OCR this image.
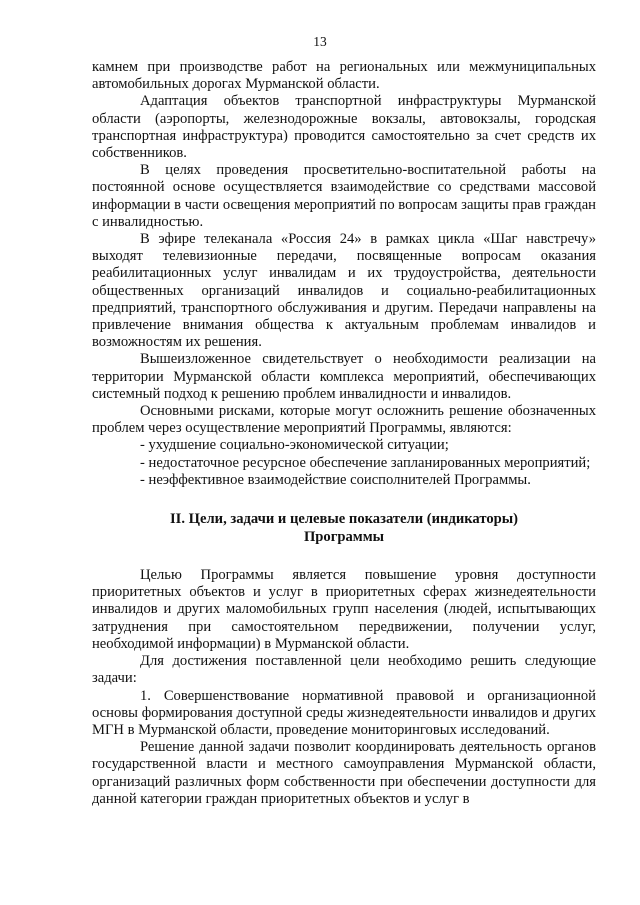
13

камнем при производстве работ на региональных или межмуниципальных автомобильных дорогах Мурманской области.

Адаптация объектов транспортной инфраструктуры Мурманской области (аэропорты, железнодорожные вокзалы, автовокзалы, городская транспортная инфраструктура) проводится самостоятельно за счет средств их собственников.

В целях проведения просветительно-воспитательной работы на постоянной основе осуществляется взаимодействие со средствами массовой информации в части освещения мероприятий по вопросам защиты прав граждан с инвалидностью.

В эфире телеканала «Россия 24» в рамках цикла «Шаг навстречу» выходят телевизионные передачи, посвященные вопросам оказания реабилитационных услуг инвалидам и их трудоустройства, деятельности общественных организаций инвалидов и социально-реабилитационных предприятий, транспортного обслуживания и другим. Передачи направлены на привлечение внимания общества к актуальным проблемам инвалидов и возможностям их решения.

Вышеизложенное свидетельствует о необходимости реализации на территории Мурманской области комплекса мероприятий, обеспечивающих системный подход к решению проблем инвалидности и инвалидов.

Основными рисками, которые могут осложнить решение обозначенных проблем через осуществление мероприятий Программы, являются:

- ухудшение социально-экономической ситуации;

- недостаточное ресурсное обеспечение запланированных мероприятий;

- неэффективное взаимодействие соисполнителей Программы.

II. Цели, задачи и целевые показатели (индикаторы)
Программы

Целью Программы является повышение уровня доступности приоритетных объектов и услуг в приоритетных сферах жизнедеятельности инвалидов и других маломобильных групп населения (людей, испытывающих затруднения при самостоятельном передвижении, получении услуг, необходимой информации) в Мурманской области.

Для достижения поставленной цели необходимо решить следующие задачи:

1. Совершенствование нормативной правовой и организационной основы формирования доступной среды жизнедеятельности инвалидов и других МГН в Мурманской области, проведение мониторинговых исследований.

Решение данной задачи позволит координировать деятельность органов государственной власти и местного самоуправления Мурманской области, организаций различных форм собственности при обеспечении доступности для данной категории граждан приоритетных объектов и услуг в
